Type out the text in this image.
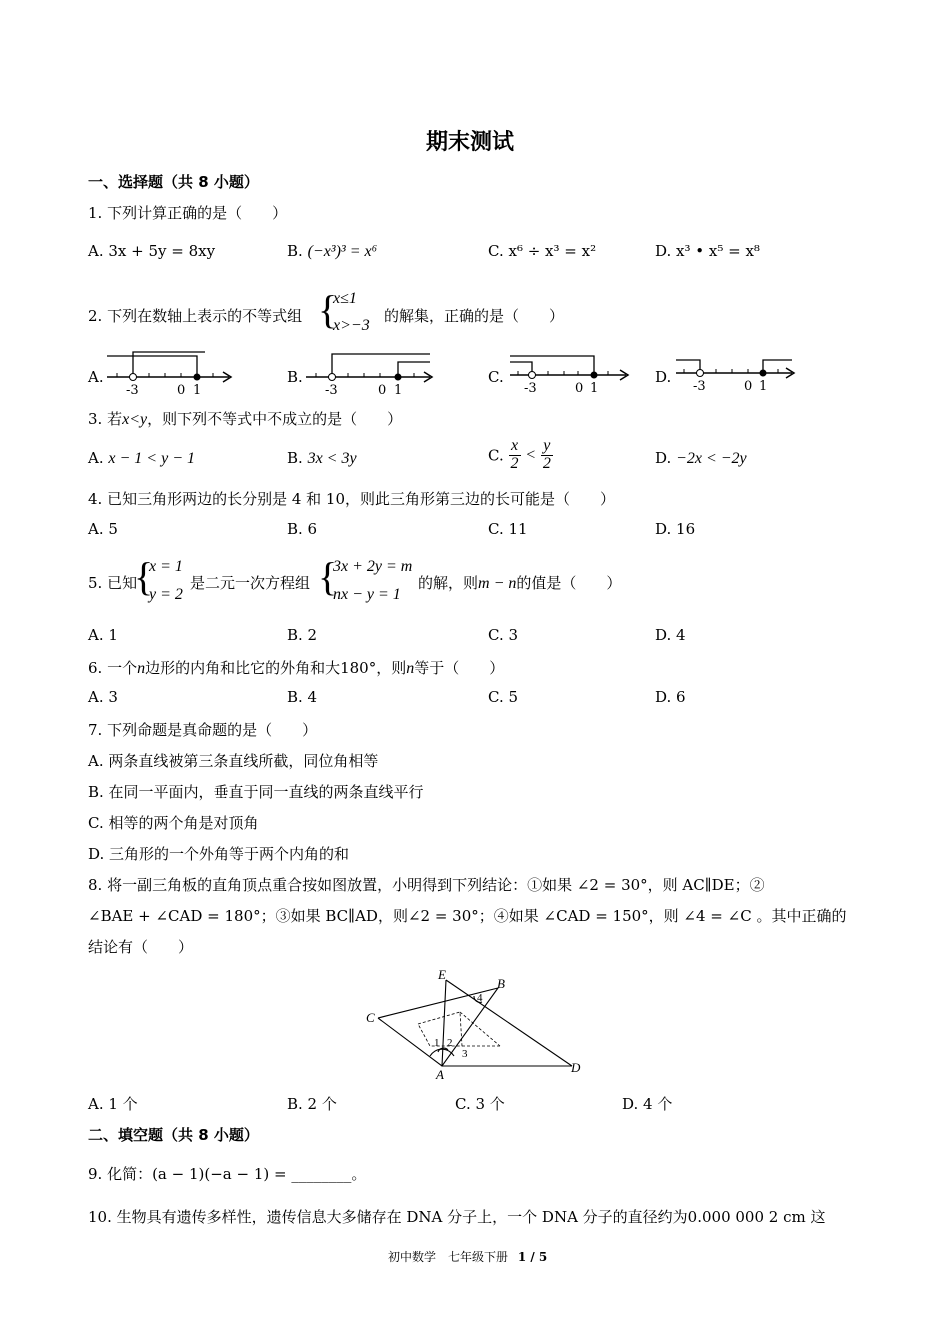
期末测试
一、选择题（共 8 小题）
1. 下列计算正确的是（　　）
A. 3x + 5y = 8xy	B. (−x³)³ = x⁶	C. x⁶ ÷ x³ = x²	D. x³ • x⁵ = x⁸
2. 下列在数轴上表示的不等式组 {
x≤1
x>−3
的解集，正确的是（　　）
A.
-3	0 1
B.
-3	0 1
C.
-3	0 1
D.
-3	0 1
3. 若x<y，则下列不等式中不成立的是（　　）
A. x − 1 < y − 1	B. 3x < 3y	C. $\frac{x}{2} < \frac{y}{2}$	D. −2x < −2y
4. 已知三角形两边的长分别是 4 和 10，则此三角形第三边的长可能是（　　）
A. 5	B. 6	C. 11	D. 16
5. 已知
{
x = 1
y = 2
是二元一次方程组 {
3x + 2y = m
nx − y = 1
的解，则m − n的值是（　　）
A. 1	B. 2	C. 3	D. 4
6. 一个n边形的内角和比它的外角和大180°，则n等于（　　）
A. 3	B. 4	C. 5	D. 6
7. 下列命题是真命题的是（　　）
A. 两条直线被第三条直线所截，同位角相等
B. 在同一平面内，垂直于同一直线的两条直线平行
C. 相等的两个角是对顶角
D. 三角形的一个外角等于两个内角的和
8. 将一副三角板的直角顶点重合按如图放置，小明得到下列结论：①如果 ∠2 = 30°，则 AC∥DE；②
∠BAE + ∠CAD = 180°；③如果 BC∥AD，则∠2 = 30°；④如果 ∠CAD = 150°，则 ∠4 = ∠C 。其中正确的
结论有（　　）
E
B
C
A	D
1 2
3
4
A. 1 个	B. 2 个	C. 3 个	D. 4 个
二、填空题（共 8 小题）
9. 化简：(a − 1)(−a − 1) = ________。
10. 生物具有遗传多样性，遗传信息大多储存在 DNA 分子上，一个 DNA 分子的直径约为0.000 000 2 cm 这
初中数学　七年级下册 1 / 5
